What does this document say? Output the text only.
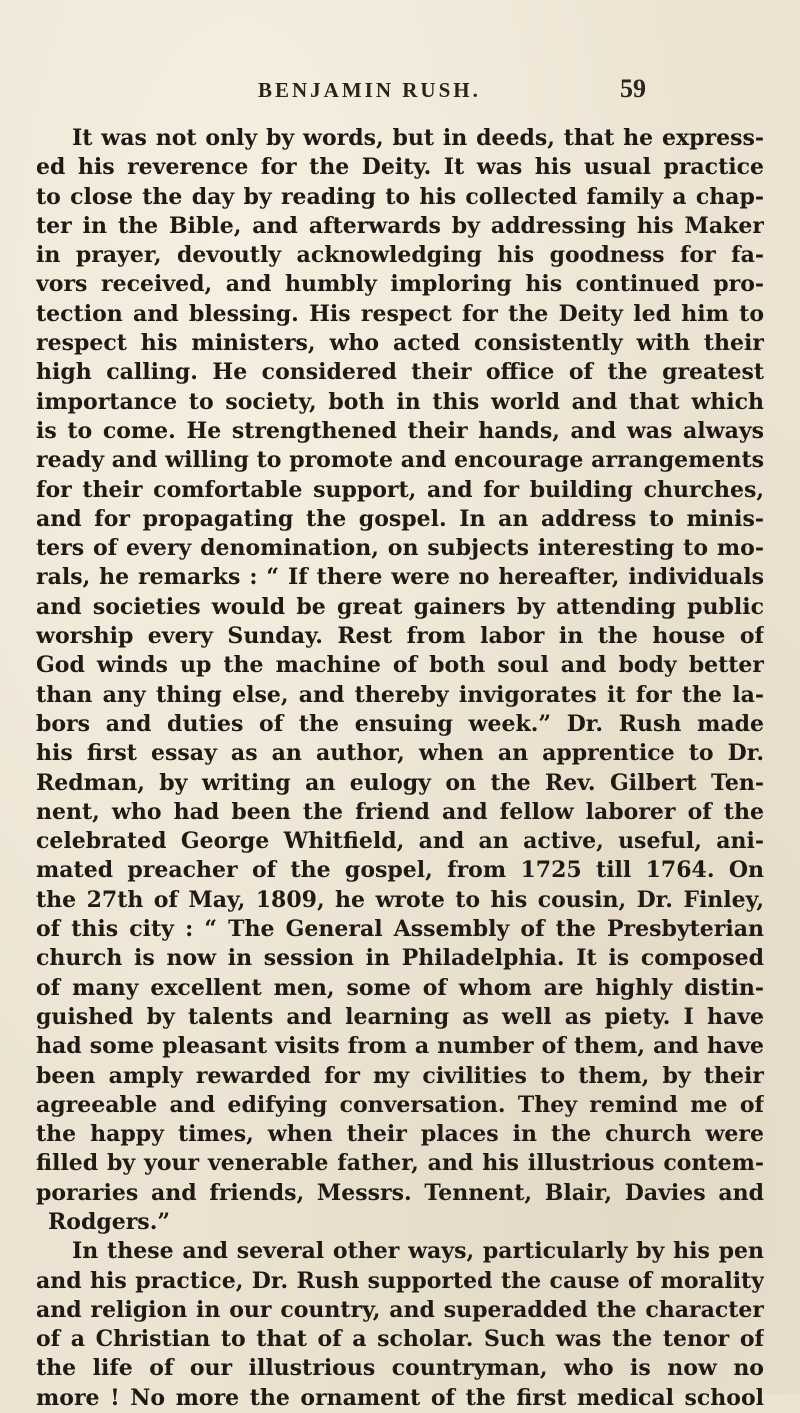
BENJAMIN RUSH.	59
It was not only by words, but in deeds, that he express-
ed his reverence for the Deity. It was his usual practice
to close the day by reading to his collected family a chap-
ter in the Bible, and afterwards by addressing his Maker
in prayer, devoutly acknowledging his goodness for fa-
vors received, and humbly imploring his continued pro-
tection and blessing. His respect for the Deity led him to
respect his ministers, who acted consistently with their
high calling. He considered their office of the greatest
importance to society, both in this world and that which
is to come. He strengthened their hands, and was always
ready and willing to promote and encourage arrangements
for their comfortable support, and for building churches,
and for propagating the gospel. In an address to minis-
ters of every denomination, on subjects interesting to mo-
rals, he remarks : “ If there were no hereafter, individuals
and societies would be great gainers by attending public
worship every Sunday. Rest from labor in the house of
God winds up the machine of both soul and body better
than any thing else, and thereby invigorates it for the la-
bors and duties of the ensuing week.” Dr. Rush made
his first essay as an author, when an apprentice to Dr.
Redman, by writing an eulogy on the Rev. Gilbert Ten-
nent, who had been the friend and fellow laborer of the
celebrated George Whitfield, and an active, useful, ani-
mated preacher of the gospel, from 1725 till 1764. On
the 27th of May, 1809, he wrote to his cousin, Dr. Finley,
of this city : “ The General Assembly of the Presbyterian
church is now in session in Philadelphia. It is composed
of many excellent men, some of whom are highly distin-
guished by talents and learning as well as piety. I have
had some pleasant visits from a number of them, and have
been amply rewarded for my civilities to them, by their
agreeable and edifying conversation. They remind me of
the happy times, when their places in the church were
filled by your venerable father, and his illustrious contem-
poraries and friends, Messrs. Tennent, Blair, Davies and
Rodgers.”
In these and several other ways, particularly by his pen
and his practice, Dr. Rush supported the cause of morality
and religion in our country, and superadded the character
of a Christian to that of a scholar. Such was the tenor of
the life of our illustrious countryman, who is now no
more ! No more the ornament of the first medical school
